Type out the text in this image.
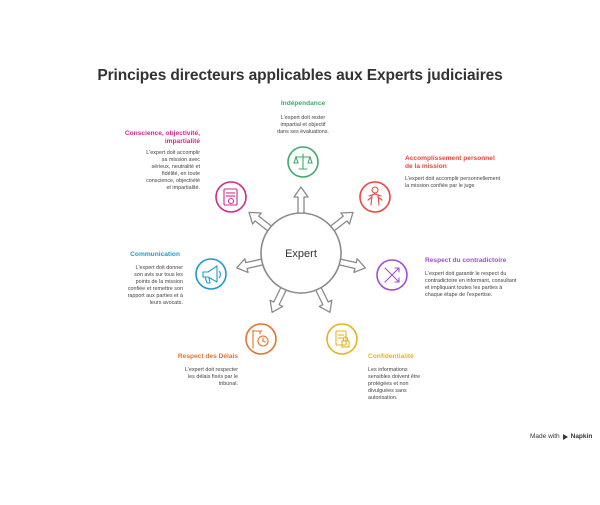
Principes directeurs applicables aux Experts judiciaires
Expert
Indépendance
L'expert doit rester
impartial et objectif
dans ses évaluations.
Accomplissement personnel
de la mission
L'expert doit accomplir personnellement
la mission confiée par le juge
Respect du contradictoire
L'expert doit garantir le respect du
contradictoire en informant, consultant
et impliquant toutes les parties à
chaque étape de l'expertise.
Confidentialité
Les informations
sensibles doivent être
protégées et non
divulguées sans
autorisation.
Respect des Délais
L'expert doit respecter
les délais fixés par le
tribunal.
Communication
L'expert doit donner
son avis sur tous les
points de la mission
confiée et remettre son
rapport aux parties et à
leurs avocats.
Conscience, objectivité,
impartialité
L'expert doit accomplir
sa mission avec
sérieux, neutralité et
fidélité, en toute
conscience, objectivité
et impartialité.
Made with Napkin
